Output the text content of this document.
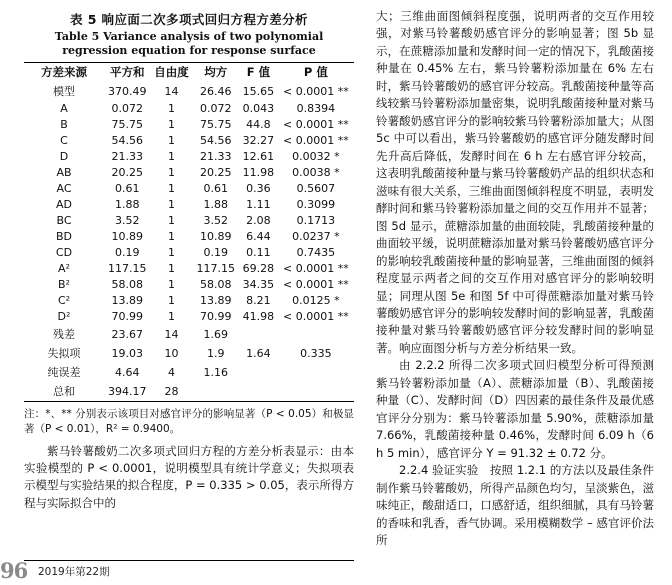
表 5 响应面二次多项式回归方程方差分析
Table 5 Variance analysis of two polynomial regression equation for response surface
方差来源	平方和	自由度	均方	F 值	P 值
模型	370.49	14	26.46	15.65	< 0.0001 **
A	0.072	1	0.072	0.043	0.8394
B	75.75	1	75.75	44.8	< 0.0001 **
C	54.56	1	54.56	32.27	< 0.0001 **
D	21.33	1	21.33	12.61	0.0032 *
AB	20.25	1	20.25	11.98	0.0038 *
AC	0.61	1	0.61	0.36	0.5607
AD	1.88	1	1.88	1.11	0.3099
BC	3.52	1	3.52	2.08	0.1713
BD	10.89	1	10.89	6.44	0.0237 *
CD	0.19	1	0.19	0.11	0.7435
A²	117.15	1	117.15	69.28	< 0.0001 **
B²	58.08	1	58.08	34.35	< 0.0001 **
C²	13.89	1	13.89	8.21	0.0125 *
D²	70.99	1	70.99	41.98	< 0.0001 **
残差	23.67	14	1.69		
失拟项	19.03	10	1.9	1.64	0.335
纯误差	4.64	4	1.16		
总和	394.17	28			
注：*、** 分别表示该项目对感官评分的影响显著（P < 0.05）和极显著（P < 0.01），R² = 0.9400。
紫马铃薯酸奶二次多项式回归方程的方差分析表显示：由本实验模型的 P < 0.0001，说明模型具有统计学意义；失拟项表示模型与实验结果的拟合程度，P = 0.335 > 0.05，表示所得方程与实际拟合中的

大；三维曲面图倾斜程度强，说明两者的交互作用较强，对紫马铃薯酸奶感官评分的影响显著；图 5b 显示，在蔗糖添加量和发酵时间一定的情况下，乳酸菌接种量在 0.45% 左右，紫马铃薯粉添加量在 6% 左右时，紫马铃薯酸奶的感官评分较高。乳酸菌接种量等高线较紫马铃薯粉添加量密集，说明乳酸菌接种量对紫马铃薯酸奶感官评分的影响较紫马铃薯粉添加量大；从图 5c 中可以看出，紫马铃薯酸奶的感官评分随发酵时间先升高后降低，发酵时间在 6 h 左右感官评分较高，这表明乳酸菌接种量与紫马铃薯酸奶产品的组织状态和滋味有很大关系，三维曲面图倾斜程度不明显，表明发酵时间和紫马铃薯粉添加量之间的交互作用并不显著；图 5d 显示，蔗糖添加量的曲面较陡，乳酸菌接种量的曲面较平缓，说明蔗糖添加量对紫马铃薯酸奶感官评分的影响较乳酸菌接种量的影响显著，三维曲面图的倾斜程度显示两者之间的交互作用对感官评分的影响较明显；同理从图 5e 和图 5f 中可得蔗糖添加量对紫马铃薯酸奶感官评分的影响较发酵时间的影响显著，乳酸菌接种量对紫马铃薯酸奶感官评分较发酵时间的影响显著。响应面图分析与方差分析结果一致。

由 2.2.2 所得二次多项式回归模型分析可得预测紫马铃薯粉添加量（A）、蔗糖添加量（B）、乳酸菌接种量（C）、发酵时间（D）四因素的最佳条件及最优感官评分分别为：紫马铃薯添加量 5.90%，蔗糖添加量 7.66%，乳酸菌接种量 0.46%，发酵时间 6.09 h（6 h 5 min），感官评分 Y = 91.32 ± 0.72 分。

2.2.4 验证实验　按照 1.2.1 的方法以及最佳条件制作紫马铃薯酸奶，所得产品颜色均匀，呈淡紫色，滋味纯正，酸甜适口，口感舒适，组织细腻，具有马铃薯的香味和乳香，香气协调。采用模糊数学 – 感官评价法所

96 2019年第22期
